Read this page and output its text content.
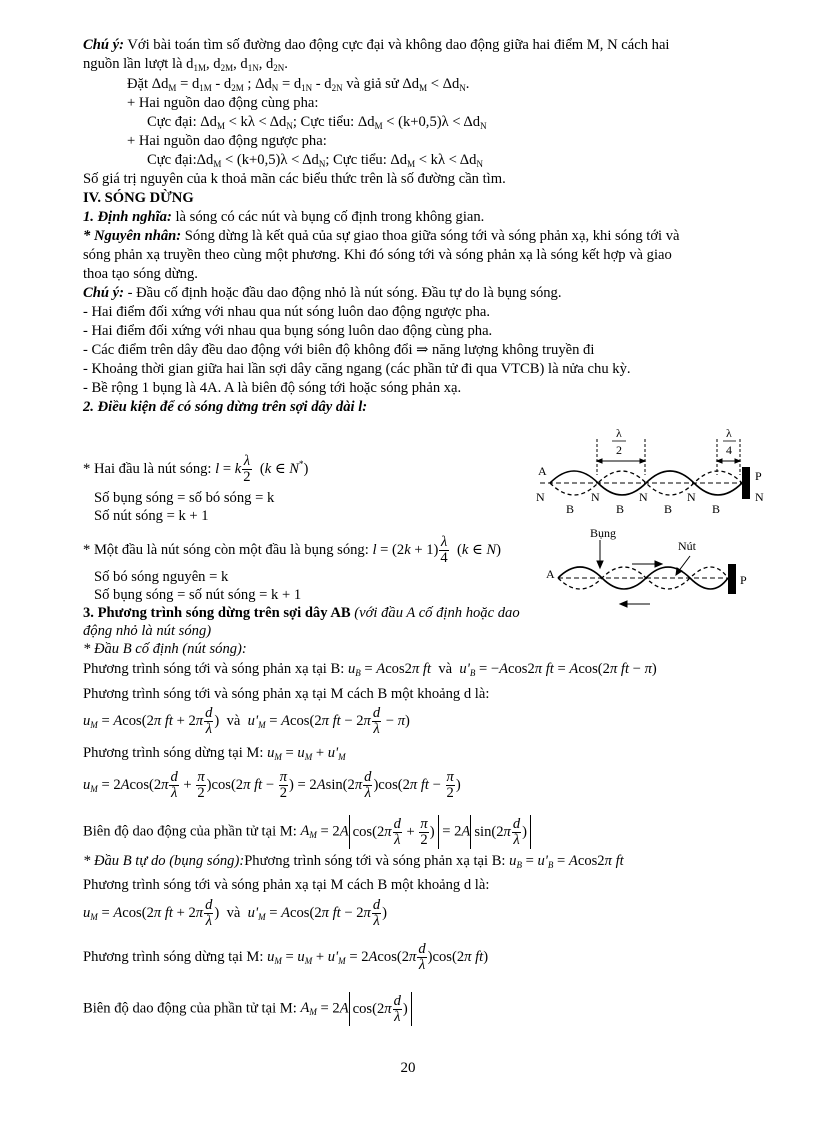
Chú ý: Với bài toán tìm số đường dao động cực đại và không dao động giữa hai điểm M, N cách hai
nguồn lần lượt là $d_{1M}$, $d_{2M}$, $d_{1N}$, $d_{2N}$.
Đặt $\Delta d_M = d_{1M} - d_{2M}$ ; $\Delta d_N = d_{1N} - d_{2N}$ và giả sử $\Delta d_M < \Delta d_N$.
+ Hai nguồn dao động cùng pha:
Cực đại: $\Delta d_M < k\lambda < \Delta d_N$; Cực tiểu: $\Delta d_M < (k+0,5)\lambda < \Delta d_N$
+ Hai nguồn dao động ngược pha:
Cực $đại:\Delta d_M < (k+0,5)\lambda < \Delta d_N$; Cực tiểu: $\Delta d_M < k\lambda < \Delta d_N$
Số giá trị nguyên của k thoả mãn các biểu thức trên là số đường cần tìm.
IV. SÓNG DỪNG
1. Định nghĩa: là sóng có các nút và bụng cố định trong không gian.
* Nguyên nhân: Sóng dừng là kết quả của sự giao thoa giữa sóng tới và sóng phản xạ, khi sóng tới và
sóng phản xạ truyền theo cùng một phương. Khi đó sóng tới và sóng phản xạ là sóng kết hợp và giao
thoa tạo sóng dừng.
Chú ý: - Đầu cố định hoặc đầu dao động nhỏ là nút sóng. Đầu tự do là bụng sóng.
- Hai điểm đối xứng với nhau qua nút sóng luôn dao động ngược pha.
- Hai điểm đối xứng với nhau qua bụng sóng luôn dao động cùng pha.
- Các điểm trên dây đều dao động với biên độ không đổi ⇒ năng lượng không truyền đi
- Khoảng thời gian giữa hai lần sợi dây căng ngang (các phần tử đi qua VTCB) là nửa chu kỳ.
- Bề rộng 1 bụng là 4A. A là biên độ sóng tới hoặc sóng phản xạ.
2. Điều kiện để có sóng dừng trên sợi dây dài l:
* Hai đầu là nút sóng: l = k $\frac{\lambda}{2} (k$ ∈ N*)
Số bụng sóng = số bó sóng = k
Số nút sóng = k + 1
* Một đầu là nút sóng còn một đầu là bụng sóng: $l = (2k + 1) \frac{\lambda}{4} (k$ ∈ N)
Số bó sóng nguyên = k
Số bụng sóng = số nút sóng = k + 1
3. Phương trình sóng dừng trên sợi dây AB (với đầu A cố định hoặc dao
động nhỏ là nút sóng)
* Đầu B cố định (nút sóng):
Phương trình sóng tới và sóng phản xạ tại B: $u_B = Acos2\pi$ ft và $u'_B = -Acos2\pi$ ft = Acos(2π ft − π)
Phương trình sóng tới và sóng phản xạ tại M cách B một khoảng d là:
$u_M = Acos(2\pi$ ft + $2\pi \frac{d}{\lambda}$ )  và $u'_M = Acos(2\pi$ ft − $2\pi \frac{d}{\lambda} - \pi$)
Phương trình sóng dừng tại M: $u_M = u_M + u'_M$
$u_M = 2Acos(2\pi \frac{d}{\lambda} + \frac{\pi}{2} )\cos(2\pi$ ft − $\frac{\pi}{2}$ ) = $2Asin(2\pi \frac{d}{\lambda} )\cos(2\pi$ ft − $\frac{\pi}{2}$ )
Biên độ dao động của phần tử tại M: $A_M = 2A$ $\cos(2\pi \frac{d}{\lambda} + \frac{\pi}{2}$ ) = 2A $\sin(2\pi \frac{d}{\lambda}$ )
* Đầu B tự do (bụng sóng):Phương trình sóng tới và sóng phản xạ tại B: $u_B = u'_B = Acos2\pi$ ft
Phương trình sóng tới và sóng phản xạ tại M cách B một khoảng d là:
$u_M = Acos(2\pi$ ft + $2\pi \frac{d}{\lambda}$ )  và $u'_M = Acos(2\pi$ ft − $2\pi \frac{d}{\lambda}$ )
Phương trình sóng dừng tại M: $u_M = u_M + u'_M = 2Acos(2\pi \frac{d}{\lambda} )\cos(2\pi$ ft)
Biên độ dao động của phần tử tại M: $A_M = 2A$ $\cos(2\pi \frac{d}{\lambda}$ )
λ
2
λ
4
A	P
N	N	N	N	N
B	B	B	B
Bụng
Nút
A	P
20
